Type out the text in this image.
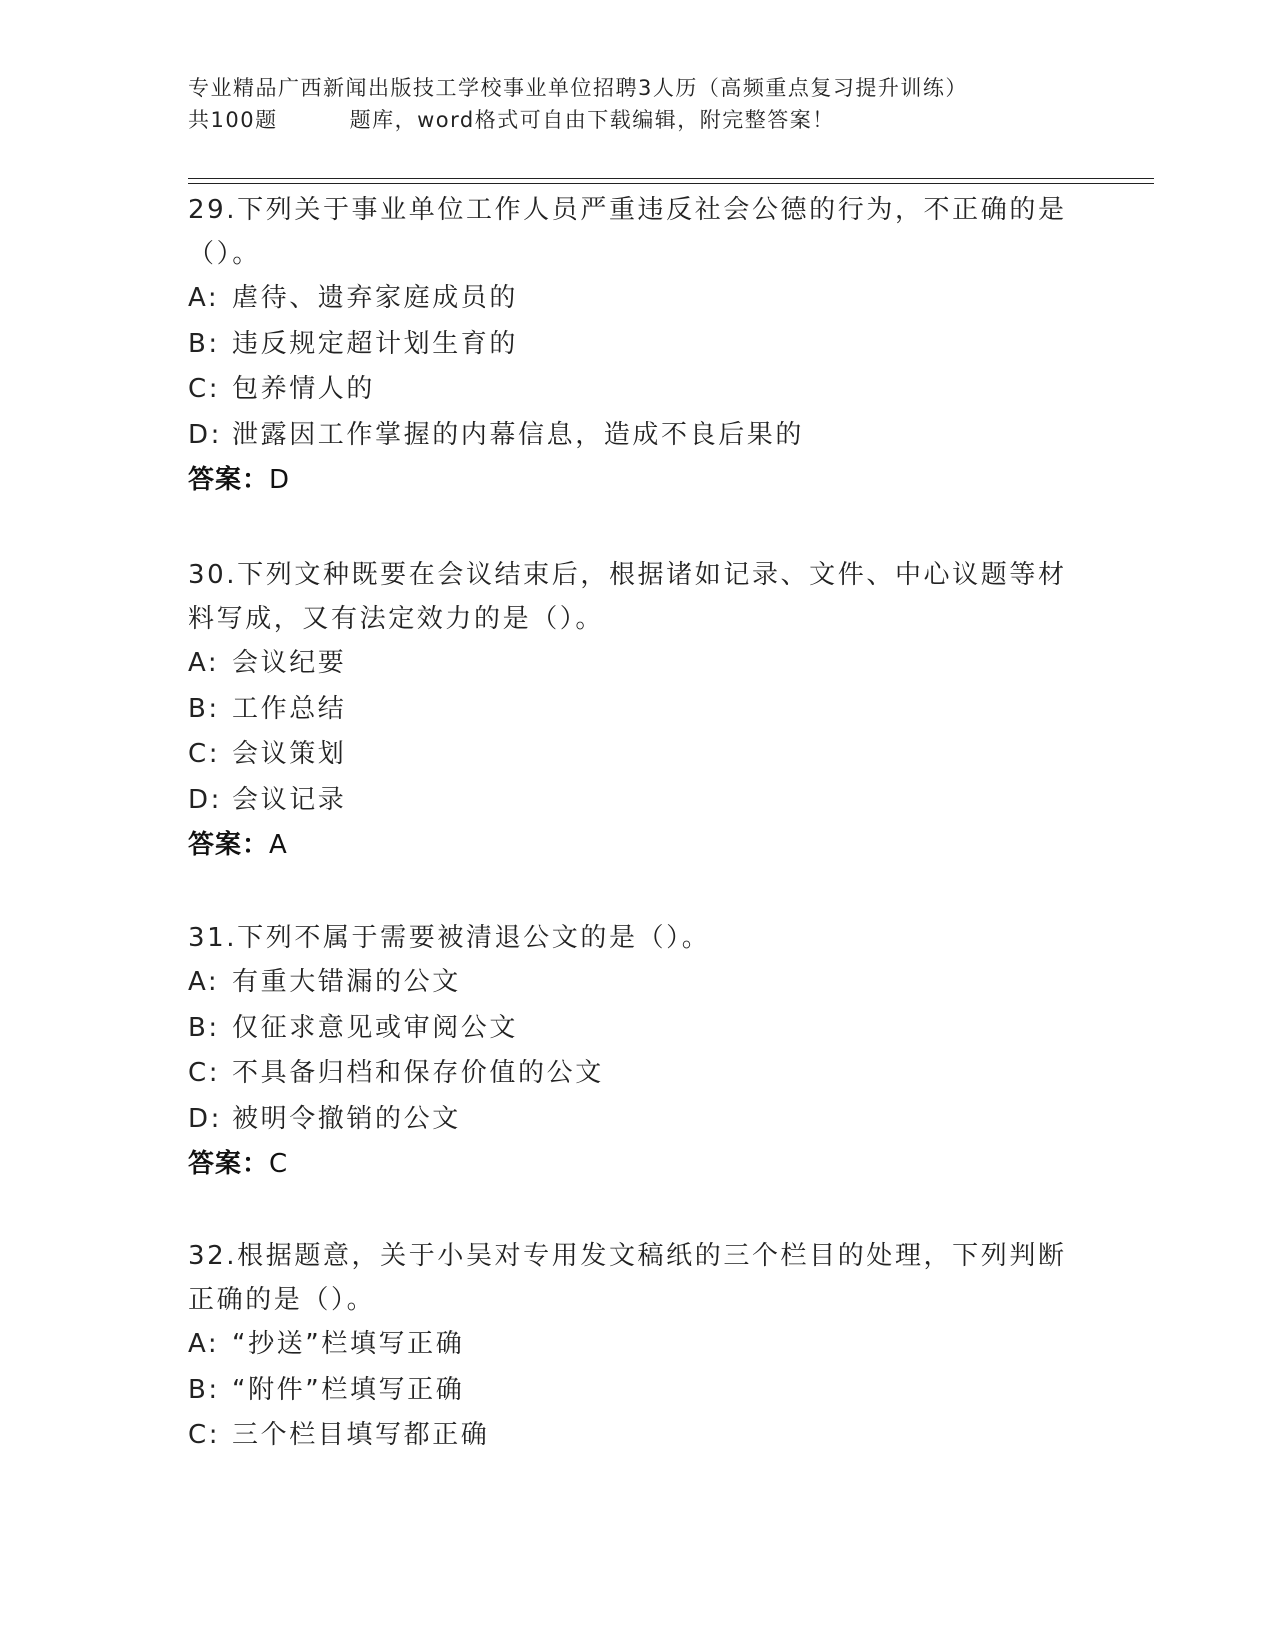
专业精品广西新闻出版技工学校事业单位招聘3人历（高频重点复习提升训练）
共100题	题库，word格式可自由下载编辑，附完整答案！

29.下列关于事业单位工作人员严重违反社会公德的行为，不正确的是（）。

A: 虐待、遗弃家庭成员的

B: 违反规定超计划生育的

C: 包养情人的

D: 泄露因工作掌握的内幕信息，造成不良后果的

答案：D

30.下列文种既要在会议结束后，根据诸如记录、文件、中心议题等材料写成，又有法定效力的是（）。

A: 会议纪要

B: 工作总结

C: 会议策划

D: 会议记录

答案：A

31.下列不属于需要被清退公文的是（）。

A: 有重大错漏的公文

B: 仅征求意见或审阅公文

C: 不具备归档和保存价值的公文

D: 被明令撤销的公文

答案：C

32.根据题意，关于小吴对专用发文稿纸的三个栏目的处理，下列判断正确的是（）。

A: “抄送”栏填写正确

B: “附件”栏填写正确

C: 三个栏目填写都正确
